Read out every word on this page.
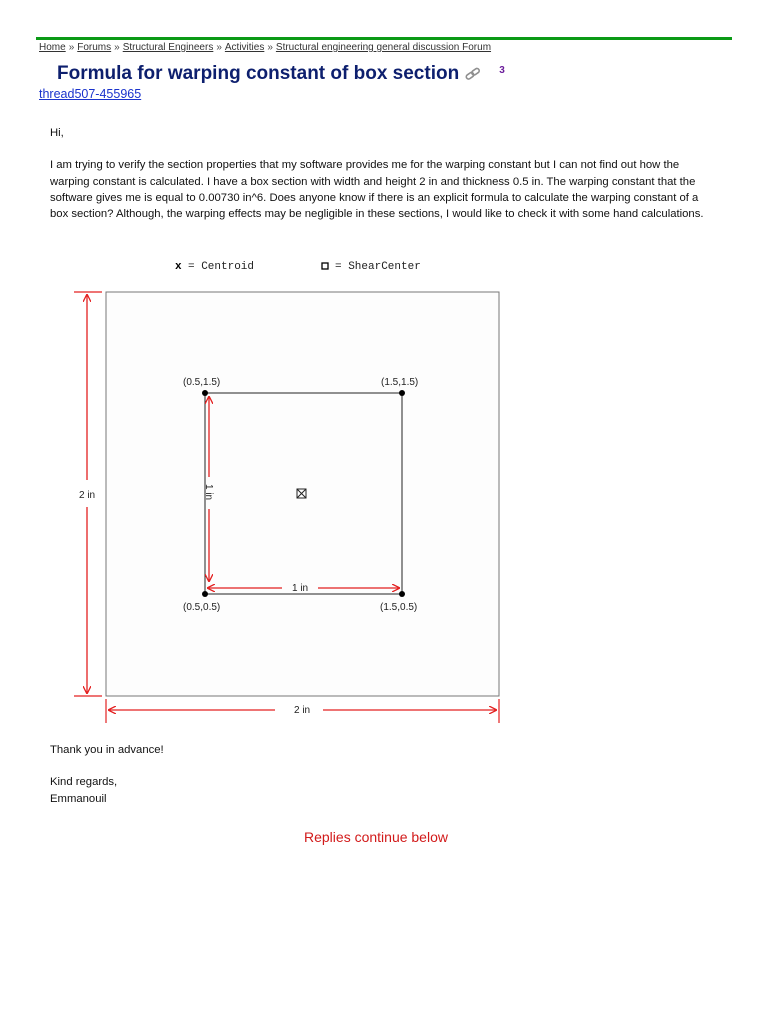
Home » Forums » Structural Engineers » Activities » Structural engineering general discussion Forum
Formula for warping constant of box section	3
thread507-455965

Hi,

I am trying to verify the section properties that my software provides me for the warping constant but I can not find out how the warping constant is calculated. I have a box section with width and height 2 in and thickness 0.5 in. The warping constant that the software gives me is equal to 0.00730 in^6. Does anyone know if there is an explicit formula to calculate the warping constant of a box section? Although, the warping effects may be negligible in these sections, I would like to check it with some hand calculations.

x = Centroid	= ShearCenter
(0.5,1.5)	(1.5,1.5)
(0.5,0.5)	(1.5,0.5)
2 in
2 in
1 in
1 in

Thank you in advance!

Kind regards,

Emmanouil

Replies continue below
